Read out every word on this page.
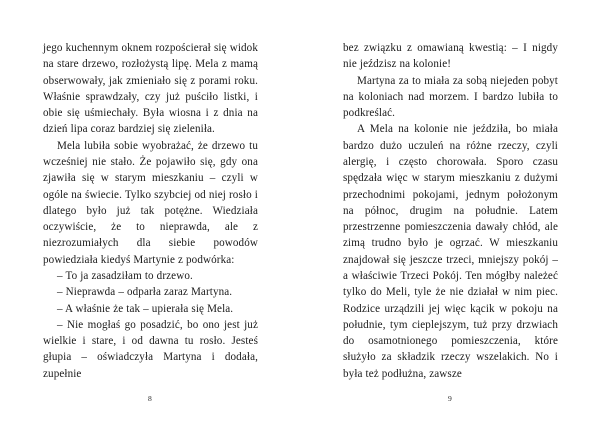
jego kuchennym oknem rozpościerał się widok na stare drzewo, rozłożystą lipę. Mela z mamą obserwowały, jak zmieniało się z porami roku. Właśnie sprawdzały, czy już puściło listki, i obie się uśmiechały. Była wiosna i z dnia na dzień lipa coraz bardziej się zieleniła.

Mela lubiła sobie wyobrażać, że drzewo tu wcześniej nie stało. Że pojawiło się, gdy ona zjawiła się w starym mieszkaniu – czyli w ogóle na świecie. Tylko szybciej od niej rosło i dlatego było już tak potężne. Wiedziała oczywiście, że to nieprawda, ale z niezrozumiałych dla siebie powodów powiedziała kiedyś Martynie z podwórka:

– To ja zasadziłam to drzewo.

– Nieprawda – odparła zaraz Martyna.

– A właśnie że tak – upierała się Mela.

– Nie mogłaś go posadzić, bo ono jest już wielkie i stare, i od dawna tu rosło. Jesteś głupia – oświadczyła Martyna i dodała, zupełnie

8

bez związku z omawianą kwestią: – I nigdy nie jeździsz na kolonie!

Martyna za to miała za sobą niejeden pobyt na koloniach nad morzem. I bardzo lubiła to podkreślać.

A Mela na kolonie nie jeździła, bo miała bardzo dużo uczuleń na różne rzeczy, czyli alergię, i często chorowała. Sporo czasu spędzała więc w starym mieszkaniu z dużymi przechodnimi pokojami, jednym położonym na północ, drugim na południe. Latem przestrzenne pomieszczenia dawały chłód, ale zimą trudno było je ogrzać. W mieszkaniu znajdował się jeszcze trzeci, mniejszy pokój – a właściwie Trzeci Pokój. Ten mógłby należeć tylko do Meli, tyle że nie działał w nim piec. Rodzice urządzili jej więc kącik w pokoju na południe, tym cieplejszym, tuż przy drzwiach do osamotnionego pomieszczenia, które służyło za składzik rzeczy wszelakich. No i była też podłużna, zawsze

9
